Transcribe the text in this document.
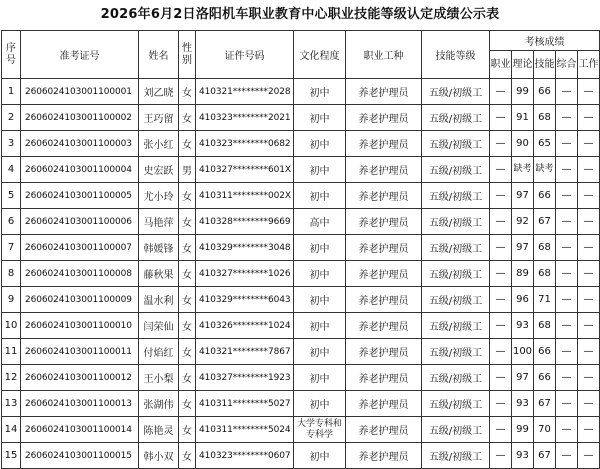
2026年6月2日洛阳机车职业教育中心职业技能等级认定成绩公示表
序号	准考证号	姓名	性别	证件号码	文化程度	职业工种	技能等级	考核成绩				
								职业	理论	技能	综合	工作
1	2606024103001100001	刘乙晓	女	410321********2028	初中	养老护理员	五级/初级工	—	99	66	—	—
2	2606024103001100002	王巧留	女	410323********2021	初中	养老护理员	五级/初级工	—	91	68	—	—
3	2606024103001100003	张小红	女	410323********0682	初中	养老护理员	五级/初级工	—	90	65	—	—
4	2606024103001100004	史宏跃	男	410327********601X	初中	养老护理员	五级/初级工	—	缺考	缺考	—	—
5	2606024103001100005	尤小玲	女	410311********002X	初中	养老护理员	五级/初级工	—	97	66	—	—
6	2606024103001100006	马艳萍	女	410328********9669	高中	养老护理员	五级/初级工	—	92	67	—	—
7	2606024103001100007	韩媛锋	女	410329********3048	初中	养老护理员	五级/初级工	—	97	68	—	—
8	2606024103001100008	藤秋果	女	410327********1026	初中	养老护理员	五级/初级工	—	89	68	—	—
9	2606024103001100009	温水利	女	410329********6043	初中	养老护理员	五级/初级工	—	96	71	—	—
10	2606024103001100010	闫荣仙	女	410326********1024	初中	养老护理员	五级/初级工	—	93	68	—	—
11	2606024103001100011	付焰红	女	410321********7867	初中	养老护理员	五级/初级工	—	100	66	—	—
12	2606024103001100012	王小梨	女	410327********1923	初中	养老护理员	五级/初级工	—	97	66	—	—
13	2606024103001100013	张湖伟	女	410311********5027	初中	养老护理员	五级/初级工	—	93	67	—	—
14	2606024103001100014	陈艳灵	女	410311********5024	大学专科和专科学	养老护理员	五级/初级工	—	99	70	—	—
15	2606024103001100015	韩小双	女	410323********0607	初中	养老护理员	五级/初级工	—	93	67	—	—
